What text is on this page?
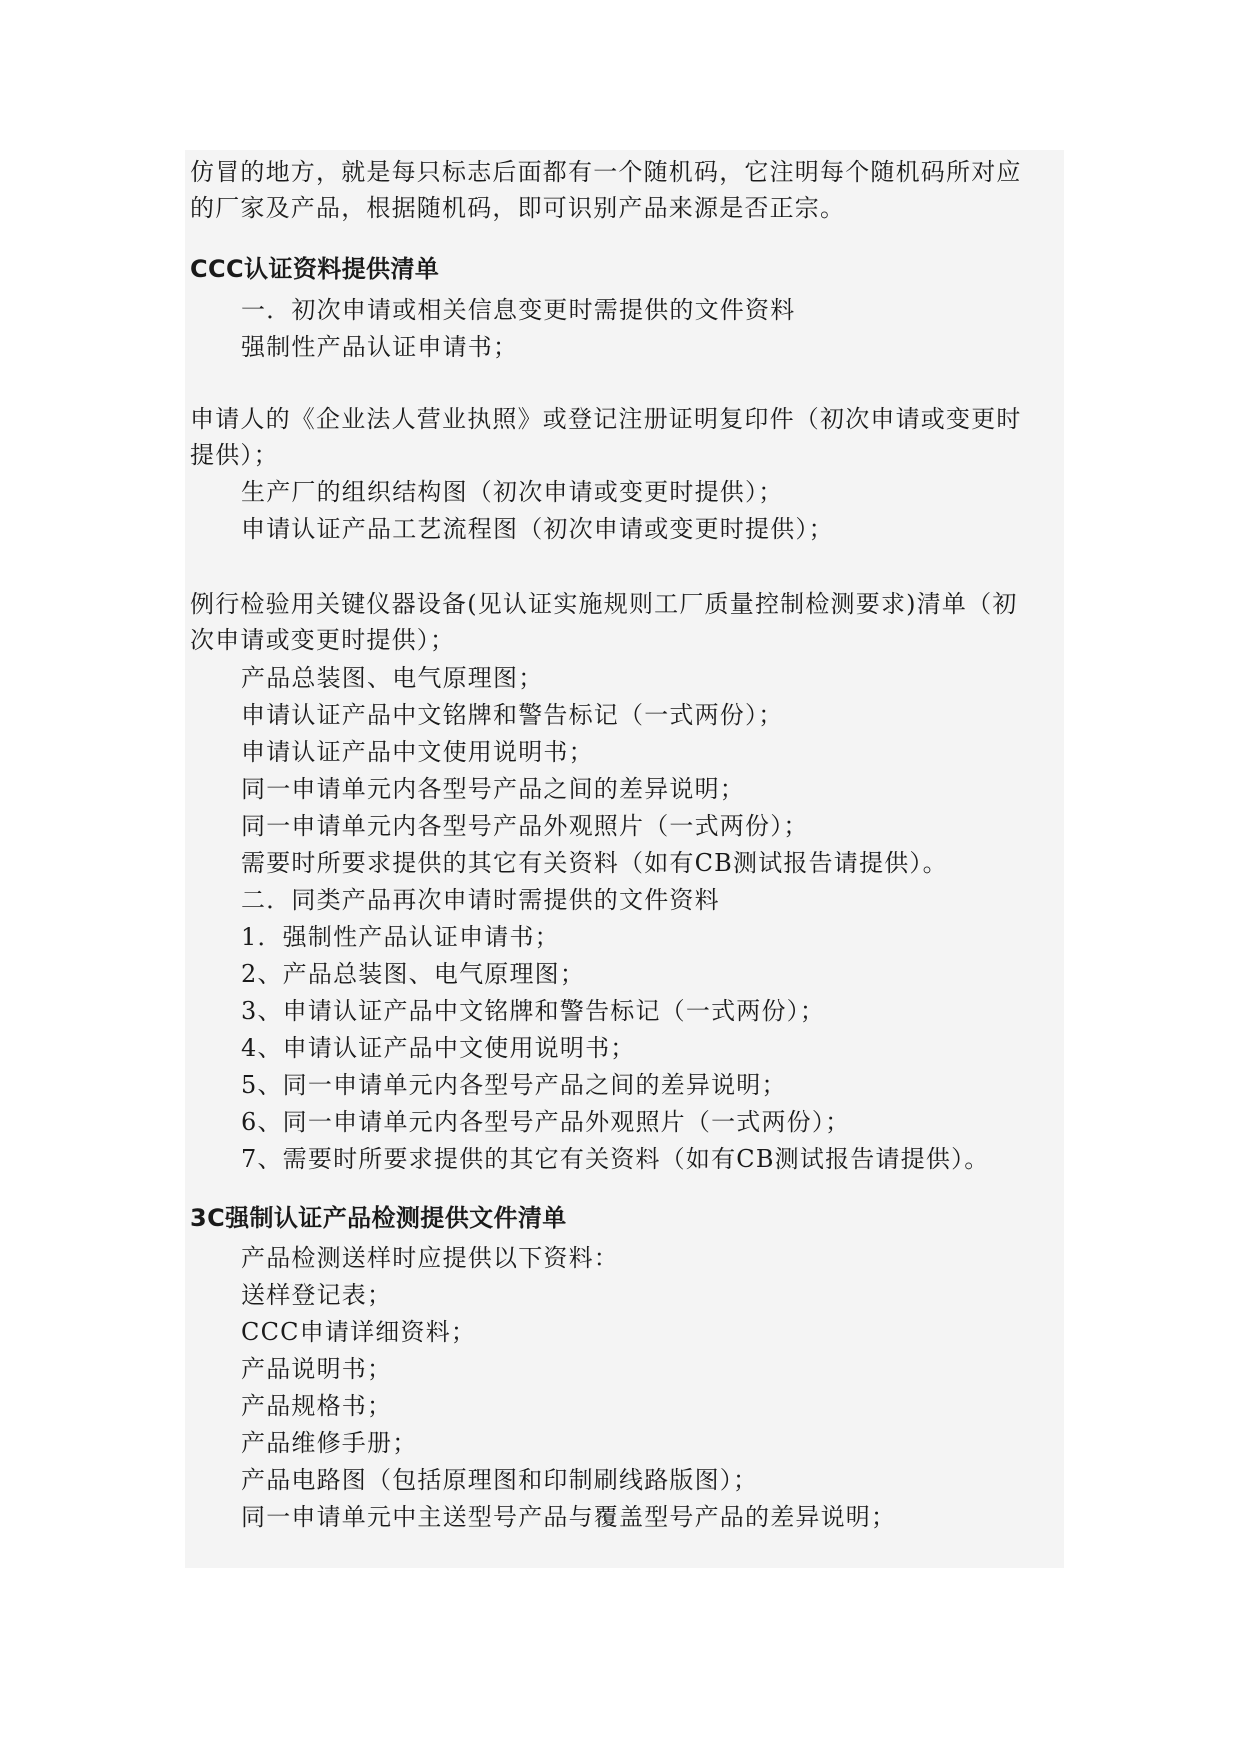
仿冒的地方，就是每只标志后面都有一个随机码，它注明每个随机码所对应
的厂家及产品，根据随机码，即可识别产品来源是否正宗。
CCC认证资料提供清单
一．初次申请或相关信息变更时需提供的文件资料
强制性产品认证申请书；
申请人的《企业法人营业执照》或登记注册证明复印件（初次申请或变更时
提供）；
生产厂的组织结构图（初次申请或变更时提供）；
申请认证产品工艺流程图（初次申请或变更时提供）；
例行检验用关键仪器设备(见认证实施规则工厂质量控制检测要求)清单（初
次申请或变更时提供）；
产品总装图、电气原理图；
申请认证产品中文铭牌和警告标记（一式两份）；
申请认证产品中文使用说明书；
同一申请单元内各型号产品之间的差异说明；
同一申请单元内各型号产品外观照片（一式两份）；
需要时所要求提供的其它有关资料（如有CB测试报告请提供）。
二．同类产品再次申请时需提供的文件资料
1．强制性产品认证申请书；
2、产品总装图、电气原理图；
3、申请认证产品中文铭牌和警告标记（一式两份）；
4、申请认证产品中文使用说明书；
5、同一申请单元内各型号产品之间的差异说明；
6、同一申请单元内各型号产品外观照片（一式两份）；
7、需要时所要求提供的其它有关资料（如有CB测试报告请提供）。
3C强制认证产品检测提供文件清单
产品检测送样时应提供以下资料：
送样登记表；
CCC申请详细资料；
产品说明书；
产品规格书；
产品维修手册；
产品电路图（包括原理图和印制刷线路版图）；
同一申请单元中主送型号产品与覆盖型号产品的差异说明；
